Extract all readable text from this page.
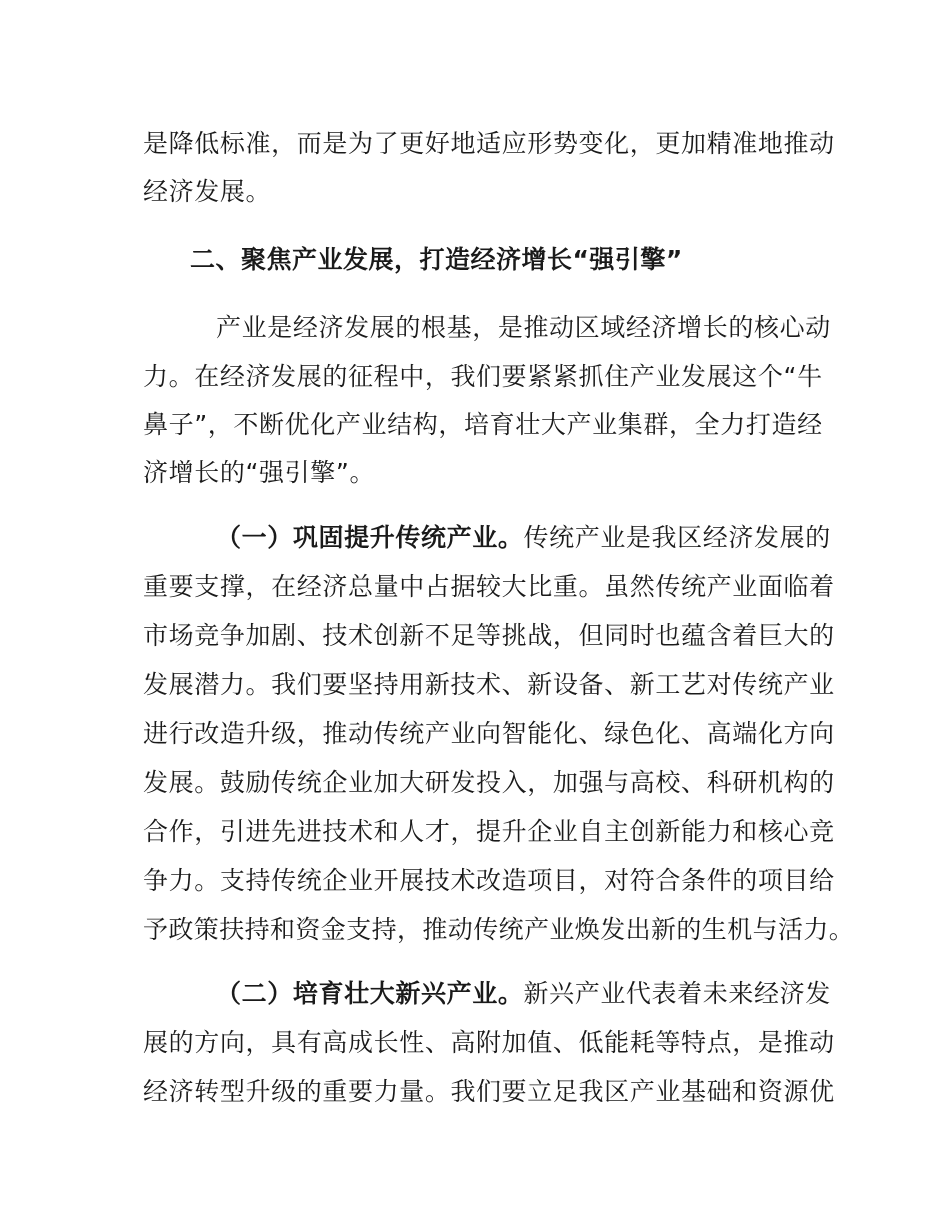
是降低标准，而是为了更好地适应形势变化，更加精准地推动
经济发展。
二、聚焦产业发展，打造经济增长“强引擎”
产业是经济发展的根基，是推动区域经济增长的核心动
力。在经济发展的征程中，我们要紧紧抓住产业发展这个“牛
鼻子”，不断优化产业结构，培育壮大产业集群，全力打造经
济增长的“强引擎”。
（一）巩固提升传统产业。传统产业是我区经济发展的
重要支撑，在经济总量中占据较大比重。虽然传统产业面临着
市场竞争加剧、技术创新不足等挑战，但同时也蕴含着巨大的
发展潜力。我们要坚持用新技术、新设备、新工艺对传统产业
进行改造升级，推动传统产业向智能化、绿色化、高端化方向
发展。鼓励传统企业加大研发投入，加强与高校、科研机构的
合作，引进先进技术和人才，提升企业自主创新能力和核心竞
争力。支持传统企业开展技术改造项目，对符合条件的项目给
予政策扶持和资金支持，推动传统产业焕发出新的生机与活力。
（二）培育壮大新兴产业。新兴产业代表着未来经济发
展的方向，具有高成长性、高附加值、低能耗等特点，是推动
经济转型升级的重要力量。我们要立足我区产业基础和资源优
